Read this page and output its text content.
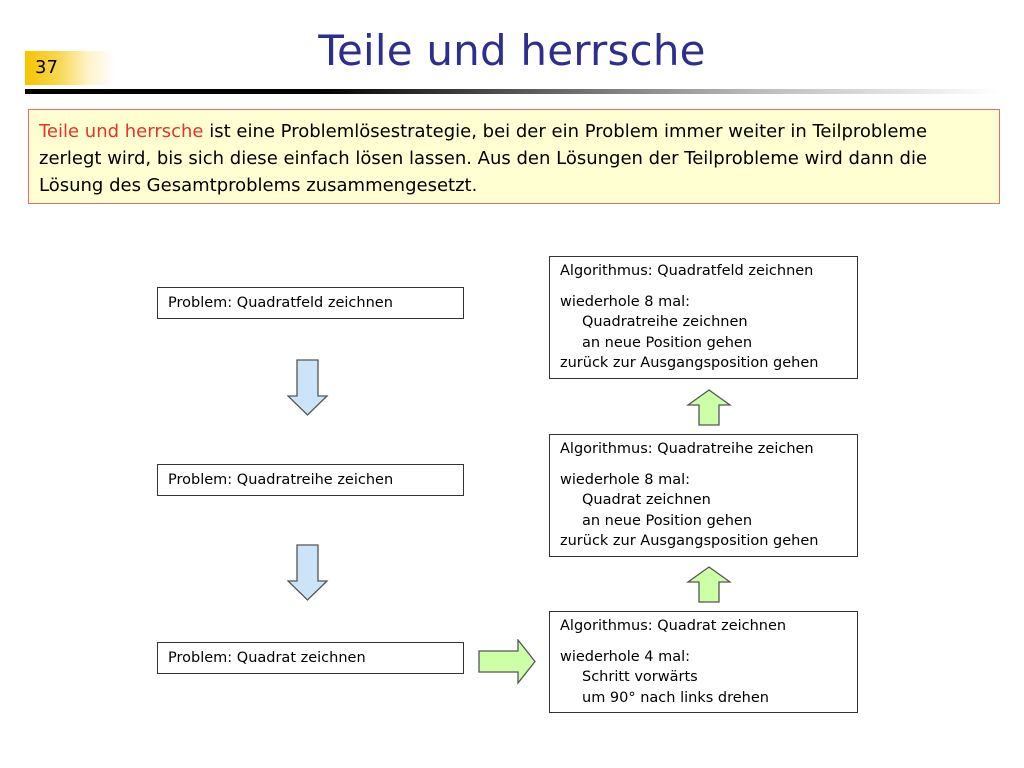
37	Teile und herrsche
Teile und herrsche ist eine Problemlösestrategie, bei der ein Problem immer weiter in Teilprobleme zerlegt wird, bis sich diese einfach lösen lassen. Aus den Lösungen der Teilprobleme wird dann die Lösung des Gesamtproblems zusammengesetzt.
Problem: Quadratfeld zeichnen
Problem: Quadratreihe zeichen
Problem: Quadrat zeichnen
Algorithmus: Quadratfeld zeichnen
wiederhole 8 mal:
Quadratreihe zeichnen
an neue Position gehen
zurück zur Ausgangsposition gehen
Algorithmus: Quadratreihe zeichen
wiederhole 8 mal:
Quadrat zeichnen
an neue Position gehen
zurück zur Ausgangsposition gehen
Algorithmus: Quadrat zeichnen
wiederhole 4 mal:
Schritt vorwärts
um 90° nach links drehen
